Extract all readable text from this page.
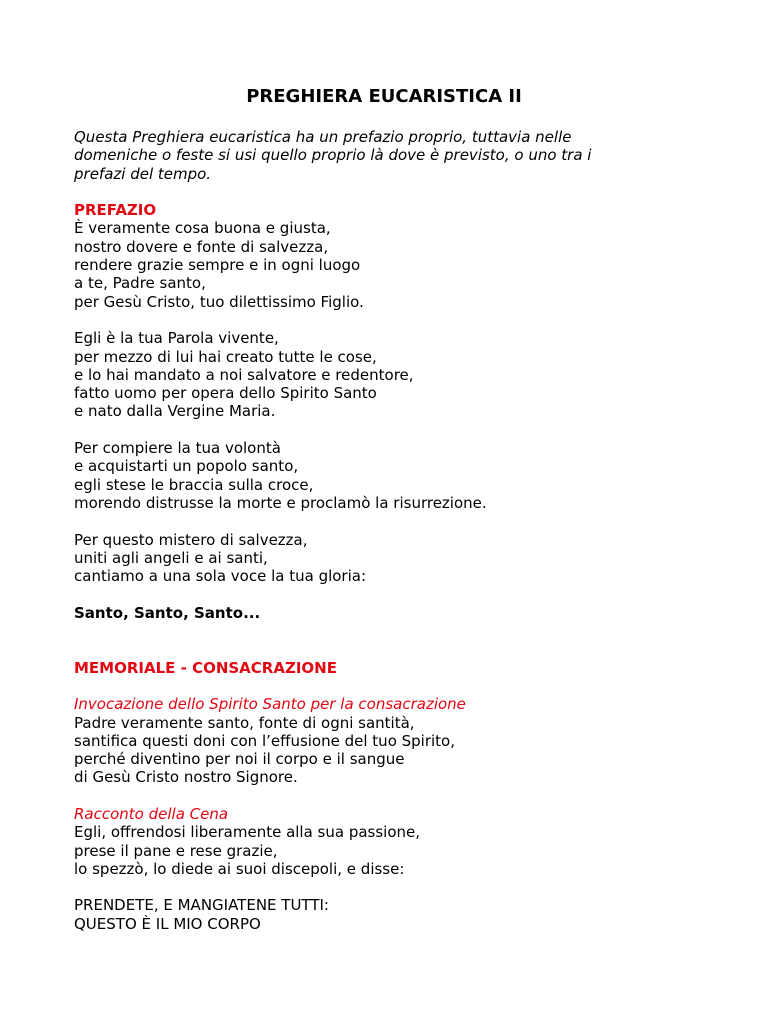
PREGHIERA EUCARISTICA II
Questa Preghiera eucaristica ha un prefazio proprio, tuttavia nelle
domeniche o feste si usi quello proprio là dove è previsto, o uno tra i
prefazi del tempo.
PREFAZIO
È veramente cosa buona e giusta,
nostro dovere e fonte di salvezza,
rendere grazie sempre e in ogni luogo
a te, Padre santo,
per Gesù Cristo, tuo dilettissimo Figlio.
Egli è la tua Parola vivente,
per mezzo di lui hai creato tutte le cose,
e lo hai mandato a noi salvatore e redentore,
fatto uomo per opera dello Spirito Santo
e nato dalla Vergine Maria.
Per compiere la tua volontà
e acquistarti un popolo santo,
egli stese le braccia sulla croce,
morendo distrusse la morte e proclamò la risurrezione.
Per questo mistero di salvezza,
uniti agli angeli e ai santi,
cantiamo a una sola voce la tua gloria:
Santo, Santo, Santo...
MEMORIALE - CONSACRAZIONE
Invocazione dello Spirito Santo per la consacrazione
Padre veramente santo, fonte di ogni santità,
santifica questi doni con l’effusione del tuo Spirito,
perché diventino per noi il corpo e il sangue
di Gesù Cristo nostro Signore.
Racconto della Cena
Egli, offrendosi liberamente alla sua passione,
prese il pane e rese grazie,
lo spezzò, lo diede ai suoi discepoli, e disse:
PRENDETE, E MANGIATENE TUTTI:
QUESTO È IL MIO CORPO
